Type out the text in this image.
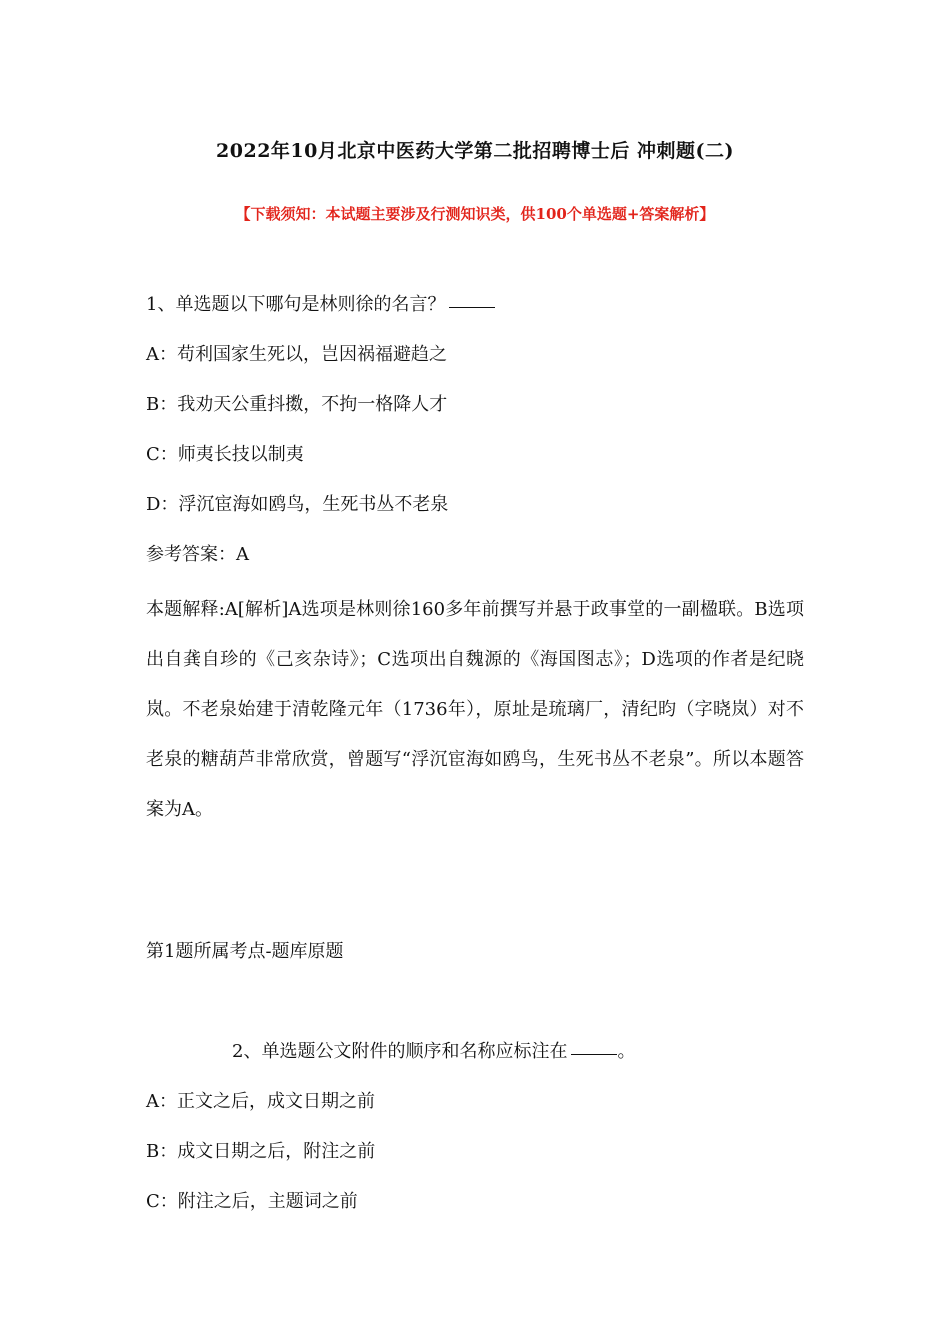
2022年10月北京中医药大学第二批招聘博士后 冲刺题(二)
【下载须知：本试题主要涉及行测知识类，供100个单选题+答案解析】
1、单选题以下哪句是林则徐的名言？
A：苟利国家生死以，岂因祸福避趋之
B：我劝天公重抖擞，不拘一格降人才
C：师夷长技以制夷
D：浮沉宦海如鸥鸟，生死书丛不老泉
参考答案：A
本题解释:A[解析]A选项是林则徐160多年前撰写并悬于政事堂的一副楹联。B选项出自龚自珍的《己亥杂诗》；C选项出自魏源的《海国图志》；D选项的作者是纪晓岚。不老泉始建于清乾隆元年（1736年），原址是琉璃厂，清纪昀（字晓岚）对不老泉的糖葫芦非常欣赏，曾题写“浮沉宦海如鸥鸟，生死书丛不老泉”。所以本题答案为A。
第1题所属考点-题库原题
2、单选题公文附件的顺序和名称应标注在	。
A：正文之后，成文日期之前
B：成文日期之后，附注之前
C：附注之后，主题词之前
